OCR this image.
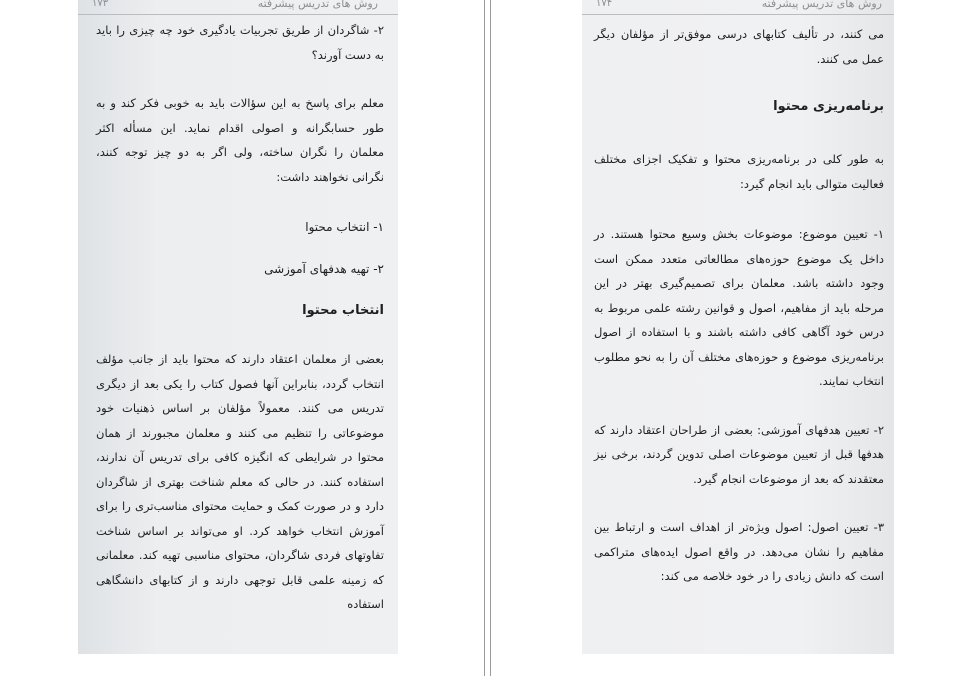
روش های تدریس پیشرفته
۱۷۳

۲- شاگردان از طریق تجربیات یادگیری خود چه چیزی را باید به دست آورند؟

معلم برای پاسخ به این سؤالات باید به خوبی فکر کند و به طور حسابگرانه و اصولی اقدام نماید. این مسأله اکثر معلمان را نگران ساخته، ولی اگر به دو چیز توجه کنند، نگرانی نخواهند داشت:

۱- انتخاب محتوا
۲- تهیه هدفهای آموزشی
انتخاب محتوا

بعضی از معلمان اعتقاد دارند که محتوا باید از جانب مؤلف انتخاب گردد، بنابراین آنها فصول کتاب را یکی بعد از دیگری تدریس می کنند. معمولاً مؤلفان بر اساس ذهنیات خود موضوعاتی را تنظیم می کنند و معلمان مجبورند از همان محتوا در شرایطی که انگیزه کافی برای تدریس آن ندارند، استفاده کنند. در حالی که معلم شناخت بهتری از شاگردان دارد و در صورت کمک و حمایت محتوای مناسب‌تری را برای آموزش انتخاب خواهد کرد. او می‌تواند بر اساس شناخت تفاوتهای فردی شاگردان، محتوای مناسبی تهیه کند. معلمانی که زمینه علمی قابل توجهی دارند و از کتابهای دانشگاهی استفاده

روش های تدریس پیشرفته
۱۷۴

می کنند، در تألیف کتابهای درسی موفق‌تر از مؤلفان دیگر عمل می کنند.

برنامه‌ریزی محتوا

به طور کلی در برنامه‌ریزی محتوا و تفکیک اجزای مختلف فعالیت متوالی باید انجام گیرد:

۱- تعیین موضوع: موضوعات بخش وسیع محتوا هستند. در داخل یک موضوع حوزه‌های مطالعاتی متعدد ممکن است وجود داشته باشد. معلمان برای تصمیم‌گیری بهتر در این مرحله باید از مفاهیم، اصول و قوانین رشته علمی مربوط به درس خود آگاهی کافی داشته باشند و با استفاده از اصول برنامه‌ریزی موضوع و حوزه‌های مختلف آن را به نحو مطلوب انتخاب نمایند.

۲- تعیین هدفهای آموزشی: بعضی از طراحان اعتقاد دارند که هدفها قبل از تعیین موضوعات اصلی تدوین گردند، برخی نیز معتقدند که بعد از موضوعات انجام گیرد.

۳- تعیین اصول: اصول ویژه‌تر از اهداف است و ارتباط بین مفاهیم را نشان می‌دهد. در واقع اصول ایده‌های متراکمی است که دانش زیادی را در خود خلاصه می کند:
